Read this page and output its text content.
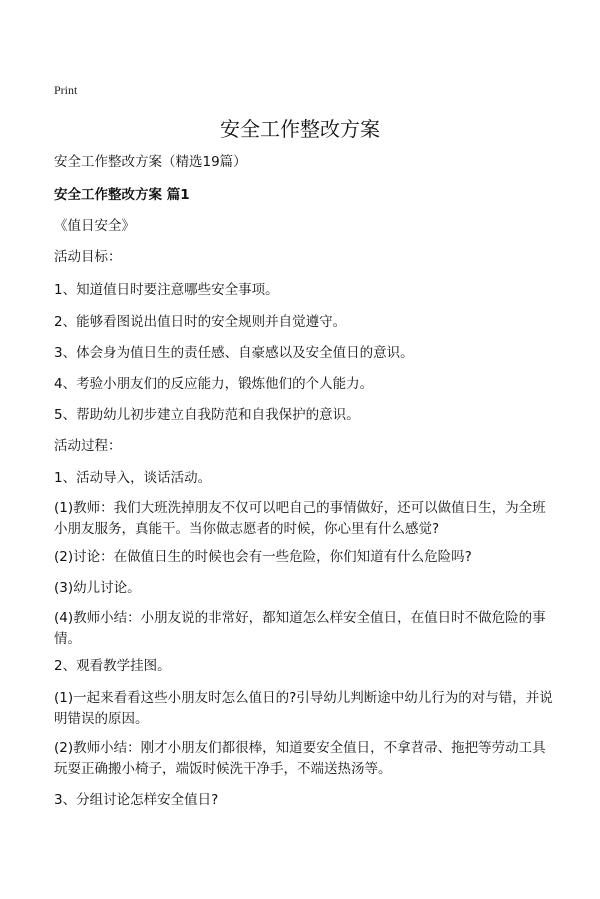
Print
安全工作整改方案
安全工作整改方案（精选19篇）
安全工作整改方案 篇1
《值日安全》
活动目标：
1、知道值日时要注意哪些安全事项。
2、能够看图说出值日时的安全规则并自觉遵守。
3、体会身为值日生的责任感、自豪感以及安全值日的意识。
4、考验小朋友们的反应能力，锻炼他们的个人能力。
5、帮助幼儿初步建立自我防范和自我保护的意识。
活动过程：
1、活动导入，谈话活动。
(1)教师：我们大班洗掉朋友不仅可以吧自己的事情做好，还可以做值日生，为全班小朋友服务，真能干。当你做志愿者的时候，你心里有什么感觉?
(2)讨论：在做值日生的时候也会有一些危险，你们知道有什么危险吗?
(3)幼儿讨论。
(4)教师小结：小朋友说的非常好，都知道怎么样安全值日，在值日时不做危险的事情。
2、观看教学挂图。
(1)一起来看看这些小朋友时怎么值日的?引导幼儿判断途中幼儿行为的对与错，并说明错误的原因。
(2)教师小结：刚才小朋友们都很棒，知道要安全值日，不拿苕帚、拖把等劳动工具玩耍正确搬小椅子，端饭时候洗干净手，不端送热汤等。
3、分组讨论怎样安全值日?
